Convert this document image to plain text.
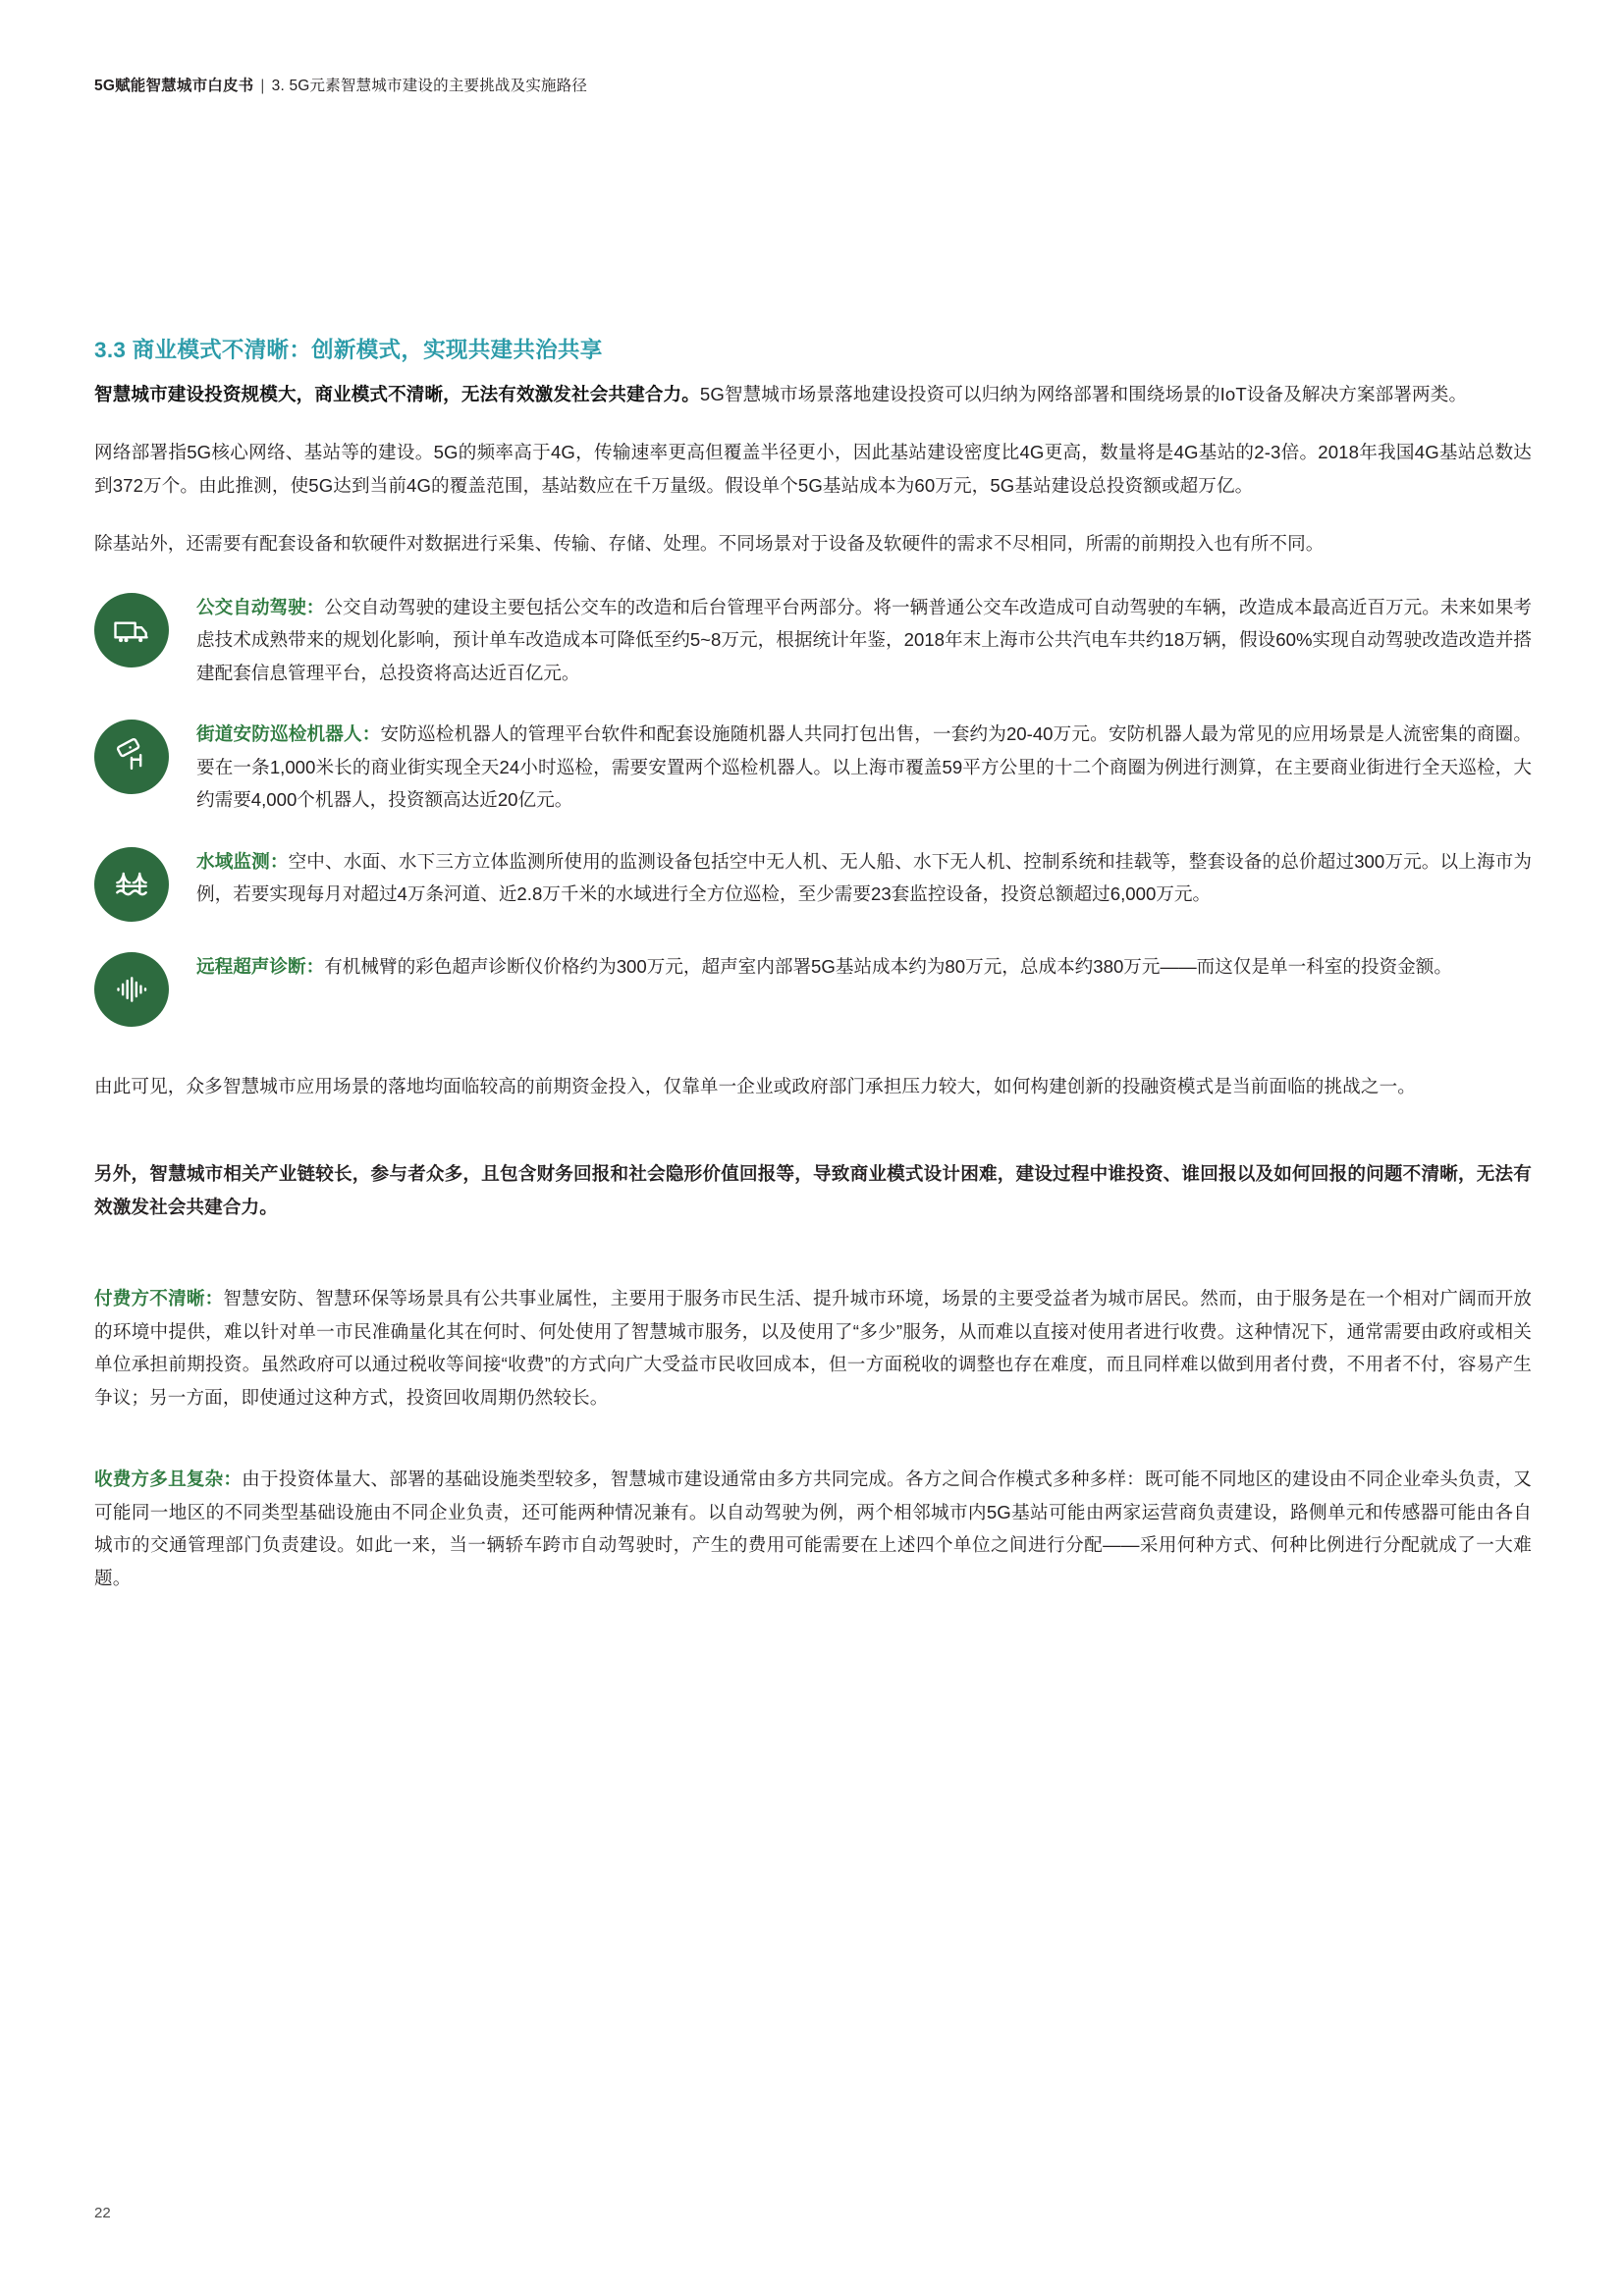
5G赋能智慧城市白皮书 | 3. 5G元素智慧城市建设的主要挑战及实施路径
3.3 商业模式不清晰：创新模式，实现共建共治共享

智慧城市建设投资规模大，商业模式不清晰，无法有效激发社会共建合力。5G智慧城市场景落地建设投资可以归纳为网络部署和围绕场景的IoT设备及解决方案部署两类。

网络部署指5G核心网络、基站等的建设。5G的频率高于4G，传输速率更高但覆盖半径更小，因此基站建设密度比4G更高，数量将是4G基站的2-3倍。2018年我国4G基站总数达到372万个。由此推测，使5G达到当前4G的覆盖范围，基站数应在千万量级。假设单个5G基站成本为60万元，5G基站建设总投资额或超万亿。

除基站外，还需要有配套设备和软硬件对数据进行采集、传输、存储、处理。不同场景对于设备及软硬件的需求不尽相同，所需的前期投入也有所不同。

公交自动驾驶：公交自动驾驶的建设主要包括公交车的改造和后台管理平台两部分。将一辆普通公交车改造成可自动驾驶的车辆，改造成本最高近百万元。未来如果考虑技术成熟带来的规划化影响，预计单车改造成本可降低至约5~8万元，根据统计年鉴，2018年末上海市公共汽电车共约18万辆，假设60%实现自动驾驶改造改造并搭建配套信息管理平台，总投资将高达近百亿元。
街道安防巡检机器人：安防巡检机器人的管理平台软件和配套设施随机器人共同打包出售，一套约为20-40万元。安防机器人最为常见的应用场景是人流密集的商圈。要在一条1,000米长的商业街实现全天24小时巡检，需要安置两个巡检机器人。以上海市覆盖59平方公里的十二个商圈为例进行测算，在主要商业街进行全天巡检，大约需要4,000个机器人，投资额高达近20亿元。
水域监测：空中、水面、水下三方立体监测所使用的监测设备包括空中无人机、无人船、水下无人机、控制系统和挂载等，整套设备的总价超过300万元。以上海市为例，若要实现每月对超过4万条河道、近2.8万千米的水域进行全方位巡检，至少需要23套监控设备，投资总额超过6,000万元。
远程超声诊断：有机械臂的彩色超声诊断仪价格约为300万元，超声室内部署5G基站成本约为80万元，总成本约380万元——而这仅是单一科室的投资金额。

由此可见，众多智慧城市应用场景的落地均面临较高的前期资金投入，仅靠单一企业或政府部门承担压力较大，如何构建创新的投融资模式是当前面临的挑战之一。

另外，智慧城市相关产业链较长，参与者众多，且包含财务回报和社会隐形价值回报等，导致商业模式设计困难，建设过程中谁投资、谁回报以及如何回报的问题不清晰，无法有效激发社会共建合力。

付费方不清晰：智慧安防、智慧环保等场景具有公共事业属性，主要用于服务市民生活、提升城市环境，场景的主要受益者为城市居民。然而，由于服务是在一个相对广阔而开放的环境中提供，难以针对单一市民准确量化其在何时、何处使用了智慧城市服务，以及使用了“多少”服务，从而难以直接对使用者进行收费。这种情况下，通常需要由政府或相关单位承担前期投资。虽然政府可以通过税收等间接“收费”的方式向广大受益市民收回成本，但一方面税收的调整也存在难度，而且同样难以做到用者付费，不用者不付，容易产生争议；另一方面，即使通过这种方式，投资回收周期仍然较长。

收费方多且复杂：由于投资体量大、部署的基础设施类型较多，智慧城市建设通常由多方共同完成。各方之间合作模式多种多样：既可能不同地区的建设由不同企业牵头负责，又可能同一地区的不同类型基础设施由不同企业负责，还可能两种情况兼有。以自动驾驶为例，两个相邻城市内5G基站可能由两家运营商负责建设，路侧单元和传感器可能由各自城市的交通管理部门负责建设。如此一来，当一辆轿车跨市自动驾驶时，产生的费用可能需要在上述四个单位之间进行分配——采用何种方式、何种比例进行分配就成了一大难题。

22
